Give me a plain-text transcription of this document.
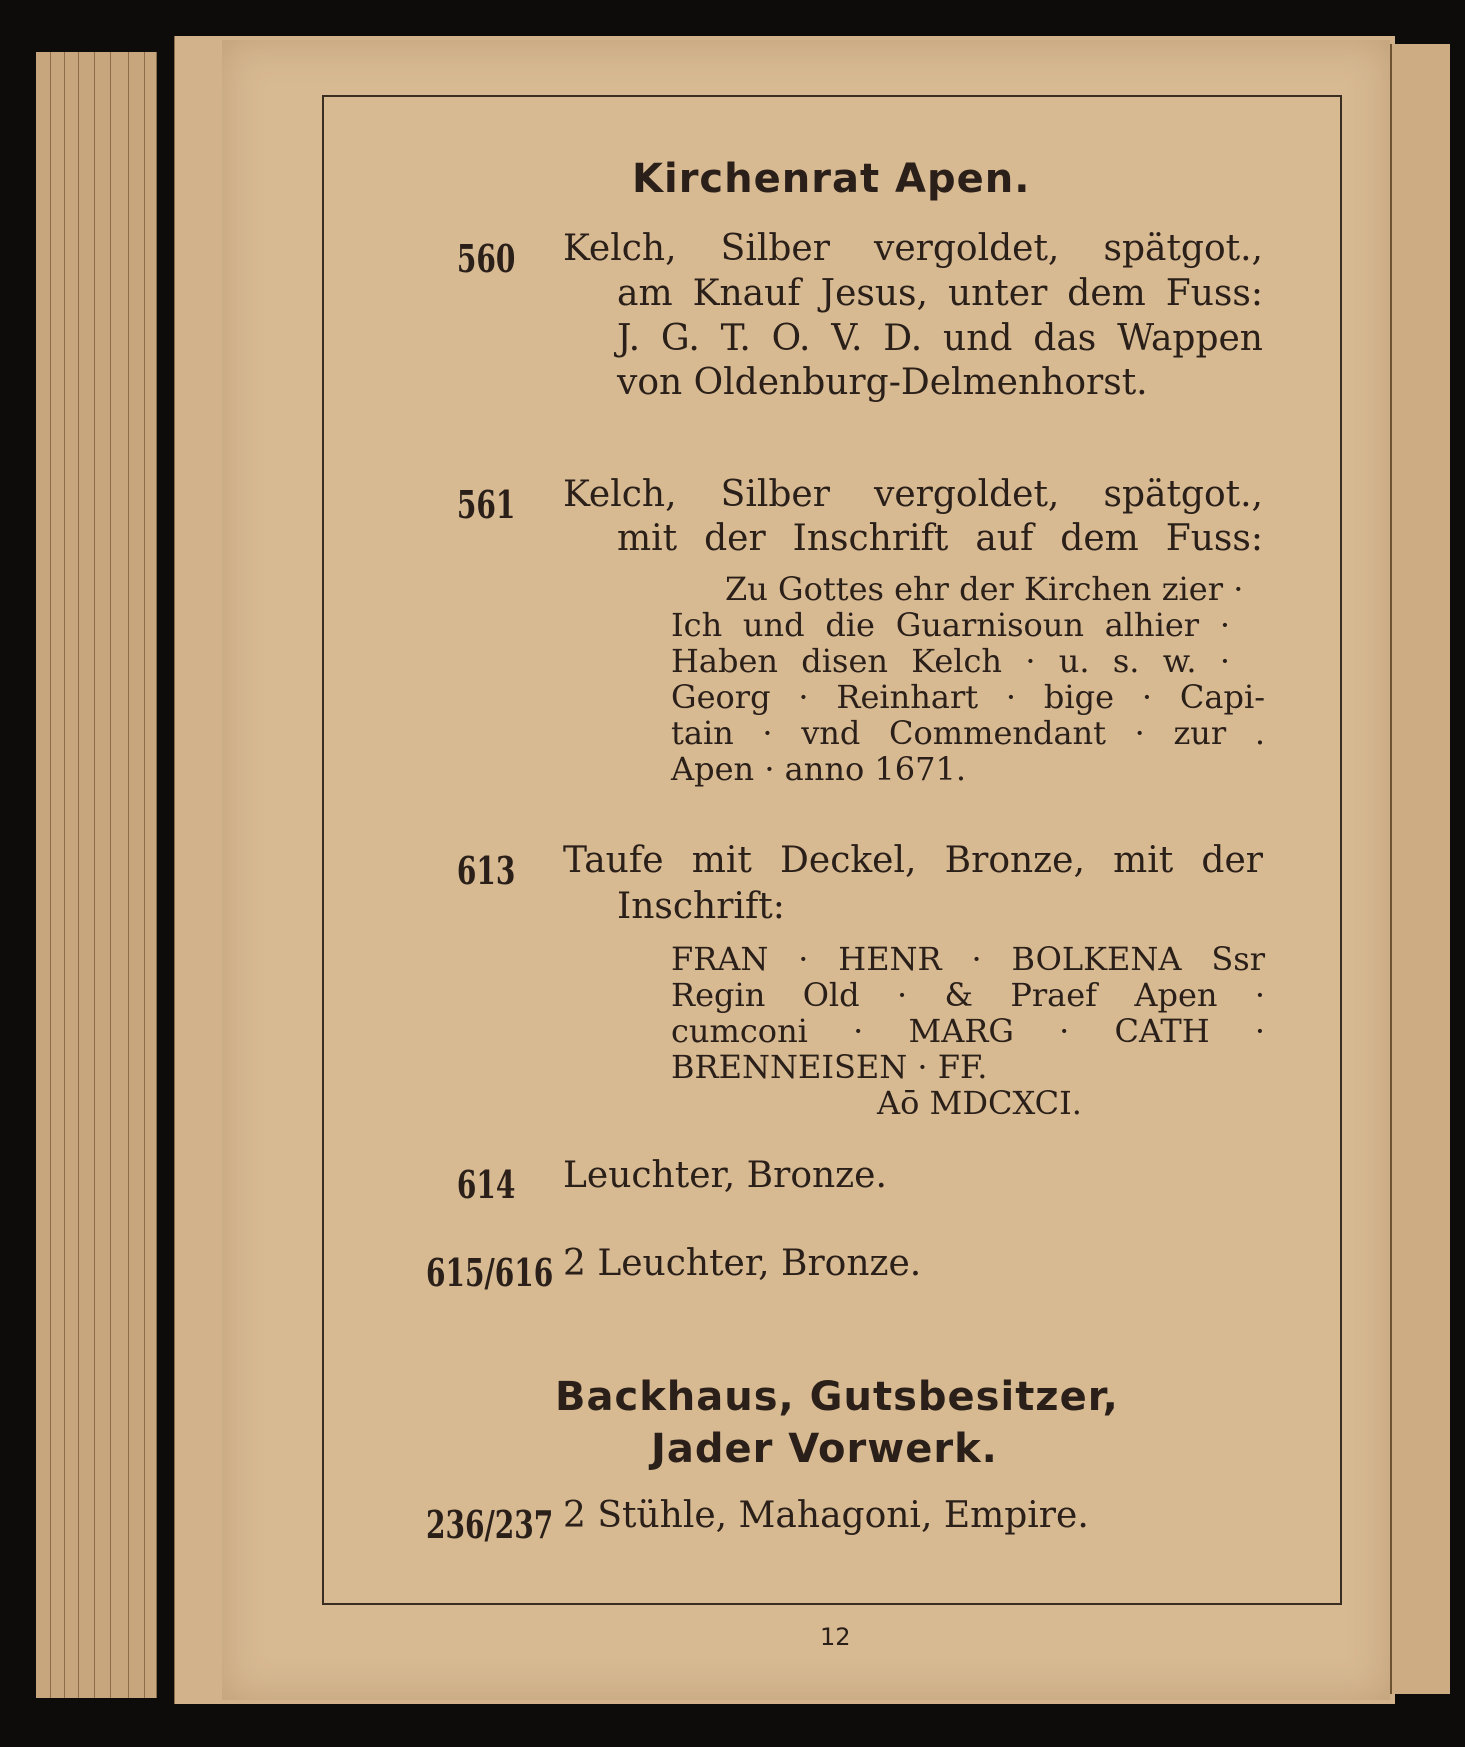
Kirchenrat Apen.
560 Kelch, Silber vergoldet, spätgot.,
am Knauf Jesus, unter dem Fuss:
J. G. T. O. V. D. und das Wappen
von Oldenburg-Delmenhorst.
561 Kelch, Silber vergoldet, spätgot.,
mit der Inschrift auf dem Fuss:
Zu Gottes ehr der Kirchen zier ·
Ich und die Guarnisoun alhier ·
Haben disen Kelch · u. s. w. ·
Georg · Reinhart · bige · Capi-
tain · vnd Commendant · zur .
Apen · anno 1671.
613 Taufe mit Deckel, Bronze, mit der
Inschrift:
FRAN · HENR · BOLKENA Ssr
Regin Old · & Praef Apen ·
cumconi · MARG · CATH ·
BRENNEISEN · FF.
Aō MDCXCI.
614 Leuchter, Bronze.
615/616 2 Leuchter, Bronze.
Backhaus, Gutsbesitzer,
Jader Vorwerk.
236/237 2 Stühle, Mahagoni, Empire.
12
